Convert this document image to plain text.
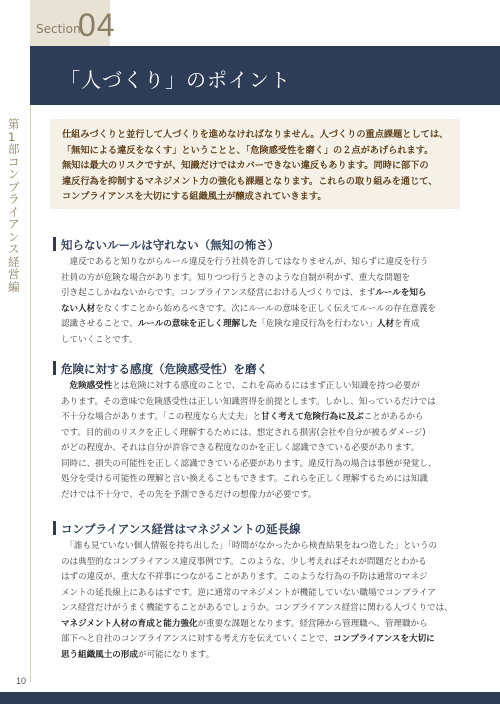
Section
04
「人づくり」のポイント
第1部 コンプライアンス経営編
仕組みづくりと並行して人づくりを進めなければなりません。人づくりの重点課題としては、
「無知による違反をなくす」ということと、「危険感受性を磨く」の２点があげられます。
無知は最大のリスクですが、知識だけではカバーできない違反もあります。同時に部下の
違反行為を抑制するマネジメント力の強化も課題となります。これらの取り組みを通じて、
コンプライアンスを大切にする組織風土が醸成されていきます。
知らないルールは守れない（無知の怖さ）
　違反であると知りながらルール違反を行う社員を許してはなりませんが、知らずに違反を行う
社員の方が危険な場合があります。知りつつ行うときのような自制が利かず、重大な問題を
引き起こしかねないからです。コンプライアンス経営における人づくりでは、まずルールを知ら
ない人材をなくすことから始めるべきです。次にルールの意味を正しく伝えてルールの存在意義を
認識させることで、ルールの意味を正しく理解した「危険な違反行為を行わない」人材を育成
していくことです。
危険に対する感度（危険感受性）を磨く
　危険感受性とは危険に対する感度のことで、これを高めるにはまず正しい知識を持つ必要が
あります。その意味で危険感受性は正しい知識習得を前提とします。しかし、知っているだけでは
不十分な場合があります。「この程度なら大丈夫」と甘く考えて危険行為に及ぶことがあるから
です。目的前のリスクを正しく理解するためには、想定される損害(会社や自分が被るダメージ)
がどの程度か、それは自分が許容できる程度なのかを正しく認識できている必要があります。
同時に、損失の可能性を正しく認識できている必要があります。違反行為の場合は事態が発覚し、
処分を受ける可能性の理解と言い換えることもできます。これらを正しく理解するためには知識
だけでは不十分で、その先を予測できるだけの想像力が必要です。
コンプライアンス経営はマネジメントの延長線
　「誰も見ていない個人情報を持ち出した」「時間がなかったから検査結果をねつ造した」というの
のは典型的なコンプライアンス違反事例です。このような、少し考えればそれが問題だとわかる
はずの違反が、重大な不祥事につながることがあります。このような行為の予防は通常のマネジ
メントの延長線上にあるはずです。逆に通常のマネジメントが機能していない職場でコンプライア
ンス経営だけがうまく機能することがあるでしょうか。コンプライアンス経営に関わる人づくりでは、
マネジメント人材の育成と能力強化が重要な課題となります。経営陣から管理職へ、管理職から
部下へと自社のコンプライアンスに対する考え方を伝えていくことで、コンプライアンスを大切に
思う組織風土の形成が可能になります。
10
